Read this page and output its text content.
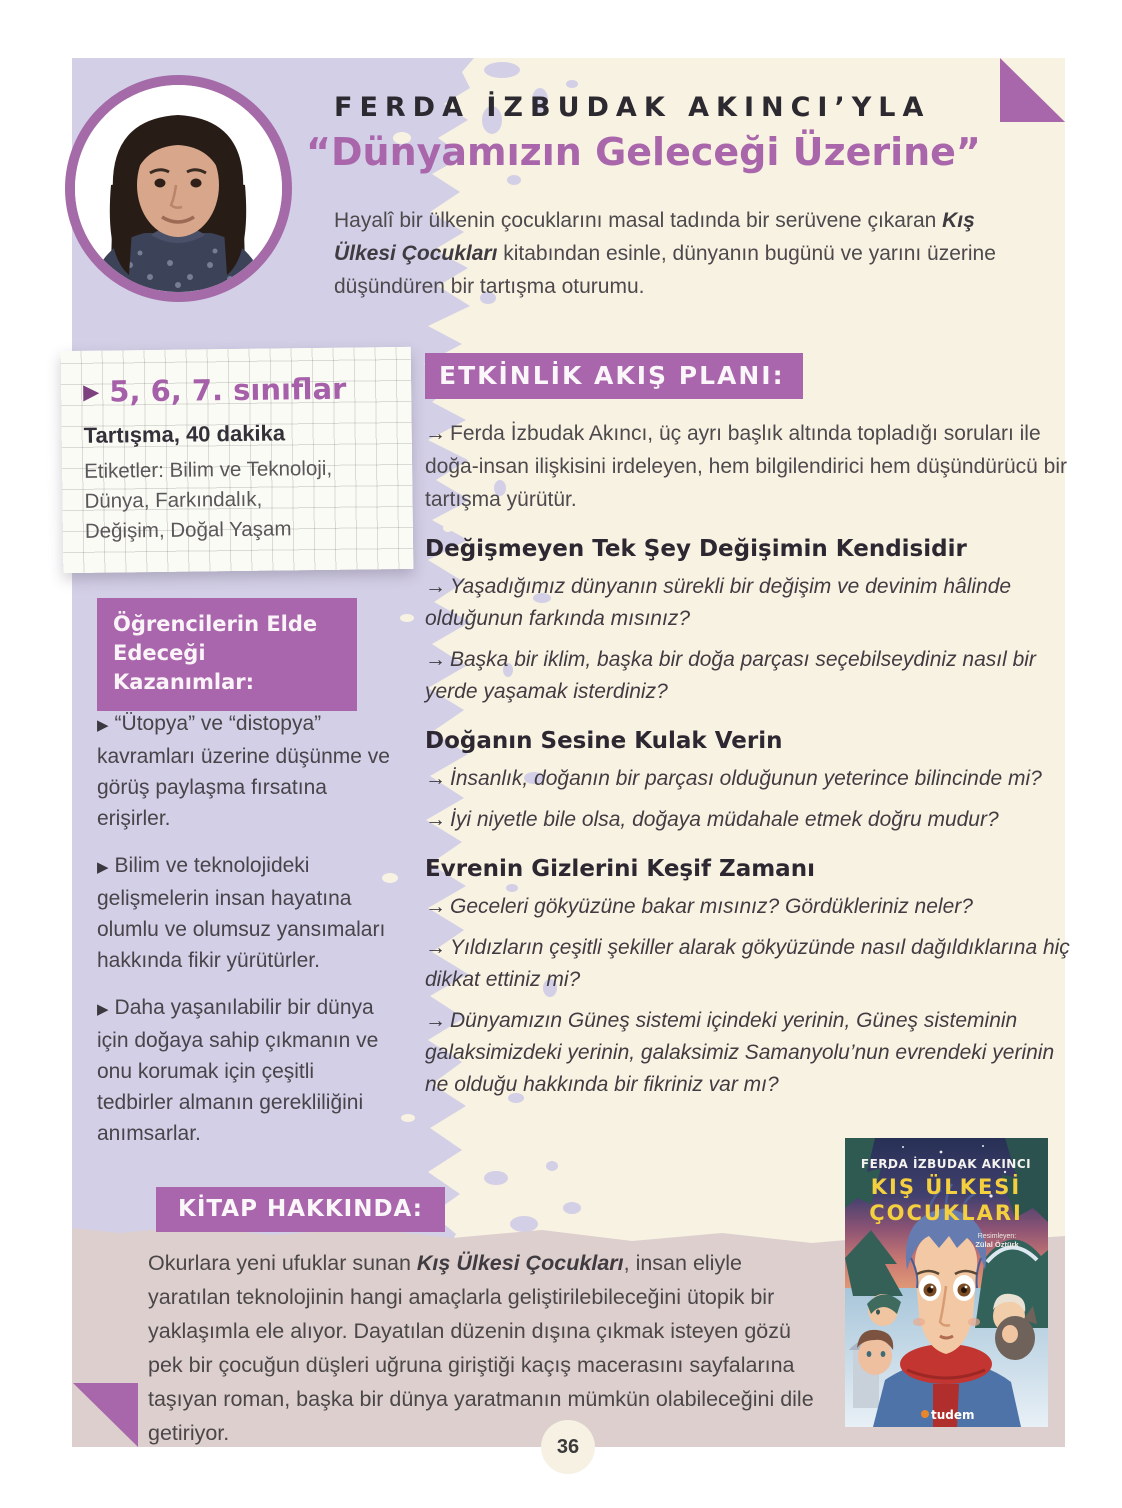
FERDA İZBUDAK AKINCI’YLA
“Dünyamızın Geleceği Üzerine”

Hayalî bir ülkenin çocuklarını masal tadında bir serüvene çıkaran Kış Ülkesi Çocukları kitabından esinle, dünyanın bugünü ve yarını üzerine düşündüren bir tartışma oturumu.

▶ 5, 6, 7. sınıflar
Tartışma, 40 dakika
Etiketler: Bilim ve Teknoloji, Dünya, Farkındalık, Değişim, Doğal Yaşam
Öğrencilerin Elde Edeceği Kazanımlar:
▶ “Ütopya” ve “distopya” kavramları üzerine düşünme ve görüş paylaşma fırsatına erişirler.
▶ Bilim ve teknolojideki gelişmelerin insan hayatına olumlu ve olumsuz yansımaları hakkında fikir yürütürler.
▶ Daha yaşanılabilir bir dünya için doğaya sahip çıkmanın ve onu korumak için çeşitli tedbirler almanın gerekliliğini anımsarlar.
ETKİNLİK AKIŞ PLANI:

→ Ferda İzbudak Akıncı, üç ayrı başlık altında topladığı soruları ile doğa-insan ilişkisini irdeleyen, hem bilgilendirici hem düşündürücü bir tartışma yürütür.

Değişmeyen Tek Şey Değişimin Kendisidir

→ Yaşadığımız dünyanın sürekli bir değişim ve devinim hâlinde olduğunun farkında mısınız?

→ Başka bir iklim, başka bir doğa parçası seçebilseydiniz nasıl bir yerde yaşamak isterdiniz?

Doğanın Sesine Kulak Verin

→ İnsanlık, doğanın bir parçası olduğunun yeterince bilincinde mi?

→ İyi niyetle bile olsa, doğaya müdahale etmek doğru mudur?

Evrenin Gizlerini Keşif Zamanı

→ Geceleri gökyüzüne bakar mısınız? Gördükleriniz neler?

→ Yıldızların çeşitli şekiller alarak gökyüzünde nasıl dağıldıklarına hiç dikkat ettiniz mi?

→ Dünyamızın Güneş sistemi içindeki yerinin, Güneş sisteminin galaksimizdeki yerinin, galaksimiz Samanyolu’nun evrendeki yerinin ne olduğu hakkında bir fikriniz var mı?

KİTAP HAKKINDA:

Okurlara yeni ufuklar sunan Kış Ülkesi Çocukları, insan eliyle yaratılan teknolojinin hangi amaçlarla geliştirilebileceğini ütopik bir yaklaşımla ele alıyor. Dayatılan düzenin dışına çıkmak isteyen gözü pek bir çocuğun düşleri uğruna giriştiği kaçış macerasını sayfalarına taşıyan roman, başka bir dünya yaratmanın mümkün olabileceğini dile getiriyor.

FERDA İZBUDAK AKINCI
KIŞ ÜLKESİ
ÇOCUKLARI
Resimleyen:
Zülal Öztürk
tudem
36
